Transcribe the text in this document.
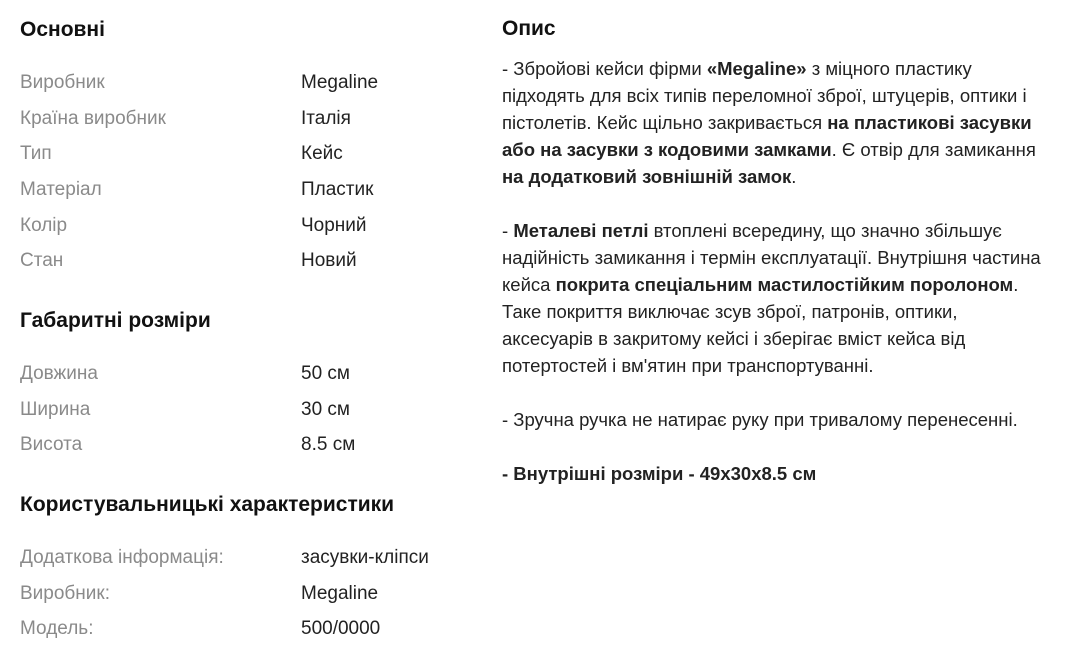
Основні
Виробник	Megaline
Країна виробник	Італія
Тип	Кейс
Матеріал	Пластик
Колір	Чорний
Стан	Новий
Габаритні розміри
Довжина	50 см
Ширина	30 см
Висота	8.5 см
Користувальницькі характеристики
Додаткова інформація:	засувки-кліпси
Виробник:	Megaline
Модель:	500/0000
Опис

- Збройові кейси фірми «Megaline» з міцного пластику підходять для всіх типів переломної зброї, штуцерів, оптики і пістолетів. Кейс щільно закривається на пластикові засувки або на засувки з кодовими замками. Є отвір для замикання на додатковий зовнішній замок.

- Металеві петлі втоплені всередину, що значно збільшує надійність замикання і термін експлуатації. Внутрішня частина кейса покрита спеціальним мастилостійким поролоном. Таке покриття виключає зсув зброї, патронів, оптики, аксесуарів в закритому кейсі і зберігає вміст кейса від потертостей і вм'ятин при транспортуванні.

- Зручна ручка не натирає руку при тривалому перенесенні.

- Внутрішні розміри - 49х30х8.5 см
